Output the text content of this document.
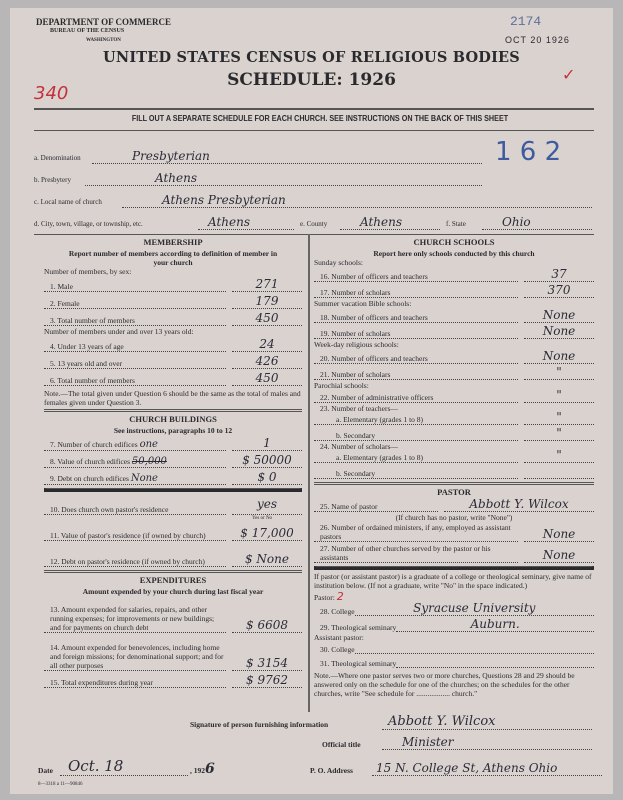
DEPARTMENT OF COMMERCE
BUREAU OF THE CENSUS
WASHINGTON
2174
OCT 20 1926
UNITED STATES CENSUS OF RELIGIOUS BODIES
SCHEDULE: 1926
340
1 6 2
✓
FILL OUT A SEPARATE SCHEDULE FOR EACH CHURCH. SEE INSTRUCTIONS ON THE BACK OF THIS SHEET
a. Denomination	Presbyterian
b. Presbytery	Athens
c. Local name of church	Athens Presbyterian
d. City, town, village, or township, etc.	Athens	e. County	Athens	f. State	Ohio
MEMBERSHIP
Report number of members according to definition of member in your church
Number of members, by sex:
1. Male	271
2. Female	179
3. Total number of members	450
Number of members under and over 13 years old:
4. Under 13 years of age	24
5. 13 years old and over	426
6. Total number of members	450
Note.—The total given under Question 6 should be the same as the total of males and females given under Question 3.
CHURCH BUILDINGS
See instructions, paragraphs 10 to 12
7. Number of church edifices one	1
8. Value of church edifices 50,000	$ 50000
9. Debt on church edifices None	$ 0
10. Does church own pastor's residence	yes
Yes or No
11. Value of pastor's residence (if owned by church)	$ 17,000
12. Debt on pastor's residence (if owned by church)	$ None
EXPENDITURES
Amount expended by your church during last fiscal year
13. Amount expended for salaries, repairs, and other running expenses; for improvements or new buildings; and for payments on church debt	$ 6608
14. Amount expended for benevolences, including home and foreign missions; for denominational support; and for all other purposes	$ 3154
15. Total expenditures during year	$ 9762
CHURCH SCHOOLS
Report here only schools conducted by this church
Sunday schools:
16. Number of officers and teachers	37
17. Number of scholars	370
Summer vacation Bible schools:
18. Number of officers and teachers	None
19. Number of scholars	None
Week-day religious schools:
20. Number of officers and teachers	None
21. Number of scholars	"
Parochial schools:
22. Number of administrative officers	"
23. Number of teachers—
a. Elementary (grades 1 to 8)	"
b. Secondary	"
24. Number of scholars—
a. Elementary (grades 1 to 8)	"
b. Secondary
PASTOR
25. Name of pastor	Abbott Y. Wilcox
(If church has no pastor, write "None")
26. Number of ordained ministers, if any, employed as assistant pastors	None
27. Number of other churches served by the pastor or his assistants	None
If pastor (or assistant pastor) is a graduate of a college or theological seminary, give name of institution below. (If not a graduate, write "No" in the space indicated.)
Pastor: 2
28. College	Syracuse University
29. Theological seminary	Auburn.
Assistant pastor:
30. College
31. Theological seminary
Note.—Where one pastor serves two or more churches, Questions 28 and 29 should be answered only on the schedule for one of the churches; on the schedules for the other churches, write "See schedule for .................. church."
Signature of person furnishing information	Abbott Y. Wilcox
Official title	Minister
Date Oct. 18	, 1926	P. O. Address 15 N. College St, Athens Ohio
8—3318 a 11—90846
